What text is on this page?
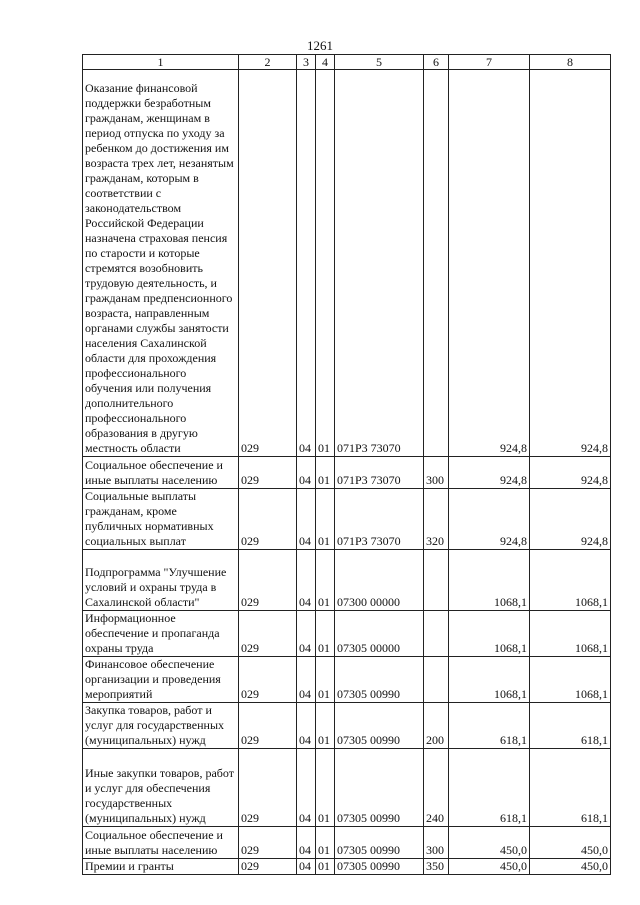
1261
1	2	3	4	5	6	7	8
Оказание финансовой поддержки безработным гражданам, женщинам в период отпуска по уходу за ребенком до достижения им возраста трех лет, незанятым гражданам, которым в соответствии с законодательством Российской Федерации назначена страховая пенсия по старости и которые стремятся возобновить трудовую деятельность, и гражданам предпенсионного возраста, направленным органами службы занятости населения Сахалинской области для прохождения профессионального обучения или получения дополнительного профессионального образования в другую местность области	029	04	01	071P3 73070		924,8	924,8
Социальное обеспечение и иные выплаты населению	029	04	01	071P3 73070	300	924,8	924,8
Социальные выплаты гражданам, кроме публичных нормативных социальных выплат	029	04	01	071P3 73070	320	924,8	924,8
Подпрограмма "Улучшение условий и охраны труда в Сахалинской области"	029	04	01	07300 00000		1068,1	1068,1
Информационное обеспечение и пропаганда охраны труда	029	04	01	07305 00000		1068,1	1068,1
Финансовое обеспечение организации и проведения мероприятий	029	04	01	07305 00990		1068,1	1068,1
Закупка товаров, работ и услуг для государственных (муниципальных) нужд	029	04	01	07305 00990	200	618,1	618,1
Иные закупки товаров, работ и услуг для обеспечения государственных (муниципальных) нужд	029	04	01	07305 00990	240	618,1	618,1
Социальное обеспечение и иные выплаты населению	029	04	01	07305 00990	300	450,0	450,0
Премии и гранты	029	04	01	07305 00990	350	450,0	450,0
